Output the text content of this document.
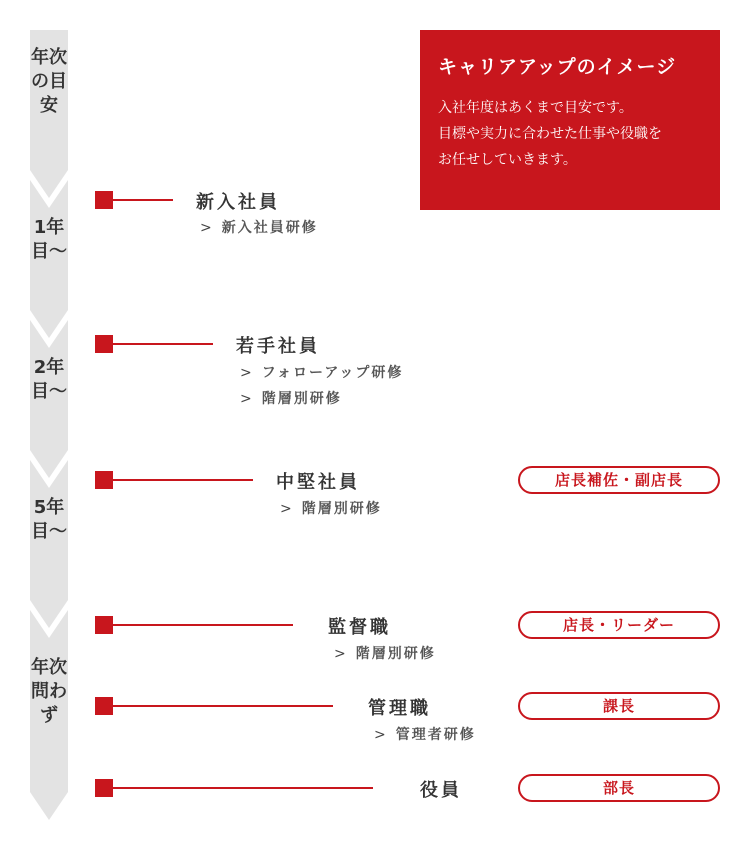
年次の目安
1年目〜
2年目〜
5年目〜
年次問わず
キャリアアップのイメージ
入社年度はあくまで目安です。
目標や実力に合わせた仕事や役職を
お任せしていきます。
新入社員
> 新入社員研修
若手社員
> フォローアップ研修
> 階層別研修
中堅社員
> 階層別研修
店長補佐・副店長
監督職
> 階層別研修
店長・リーダー
管理職
> 管理者研修
課長
役員	部長
